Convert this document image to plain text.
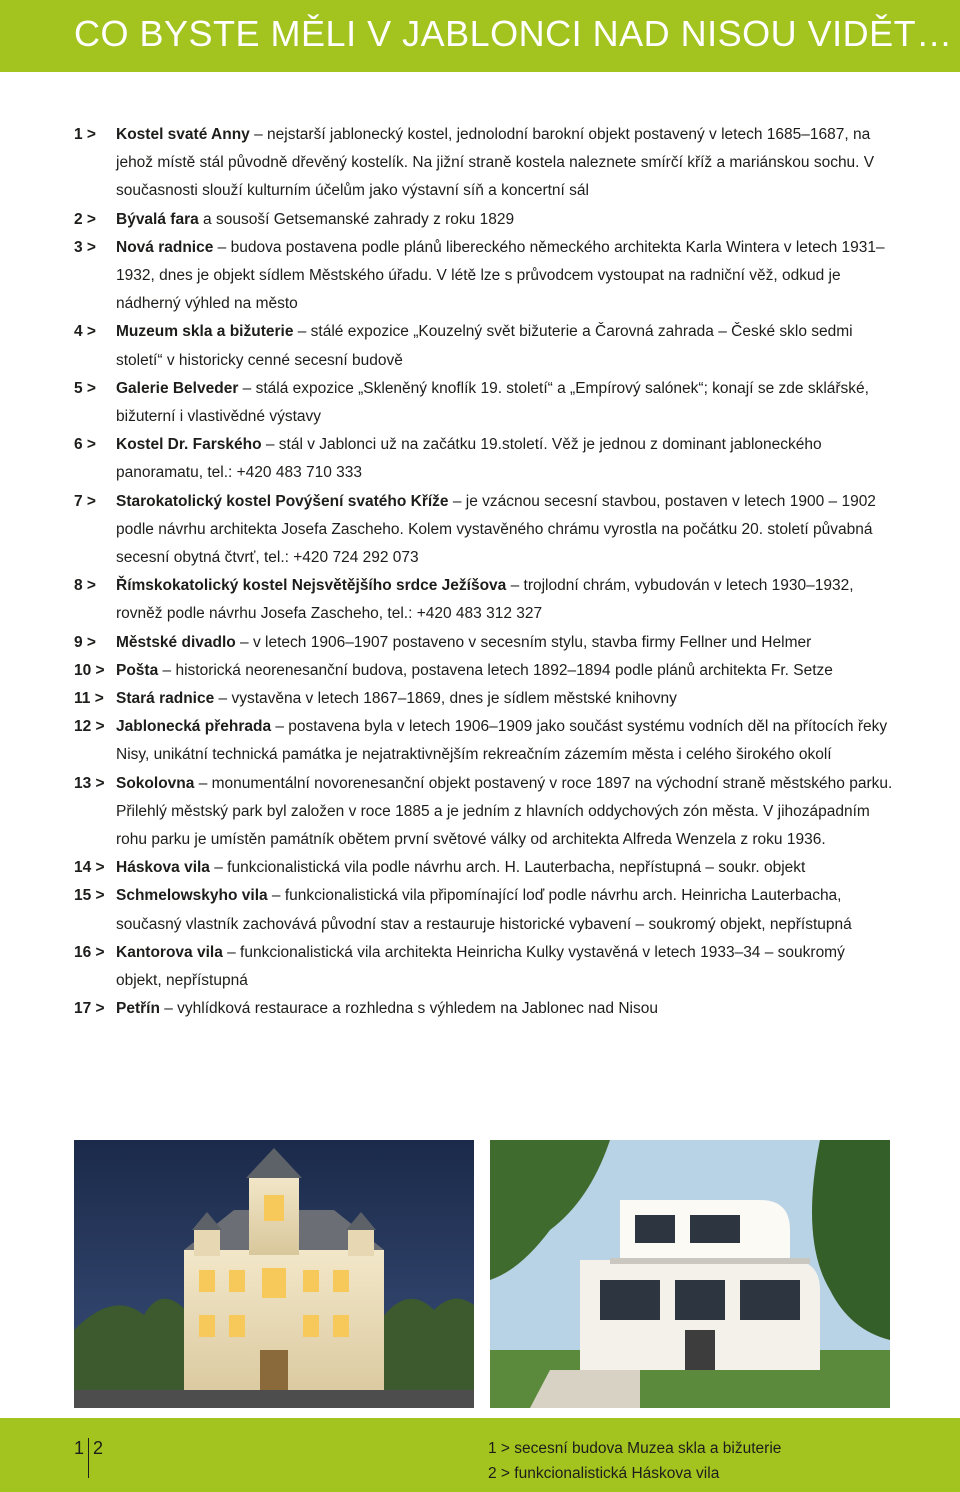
CO BYSTE MĚLI V JABLONCI NAD NISOU VIDĚT…
1 >	Kostel svaté Anny – nejstarší jablonecký kostel, jednolodní barokní objekt postavený v letech 1685–1687, na jehož místě stál původně dřevěný kostelík. Na jižní straně kostela naleznete smírčí kříž a mariánskou sochu. V současnosti slouží kulturním účelům jako výstavní síň a koncertní sál
2 >	Bývalá fara a sousoší Getsemanské zahrady z roku 1829
3 >	Nová radnice – budova postavena podle plánů libereckého německého architekta Karla Wintera v letech 1931–1932, dnes je objekt sídlem Městského úřadu. V létě lze s průvodcem vystoupat na radniční věž, odkud je nádherný výhled na město
4 >	Muzeum skla a bižuterie – stálé expozice „Kouzelný svět bižuterie a Čarovná zahrada – České sklo sedmi století“ v historicky cenné secesní budově
5 >	Galerie Belveder – stálá expozice „Skleněný knoflík 19. století“ a „Empírový salónek“; konají se zde sklářské, bižuterní i vlastivědné výstavy
6 >	Kostel Dr. Farského – stál v Jablonci už na začátku 19.století. Věž je jednou z dominant jabloneckého panoramatu, tel.: +420 483 710 333
7 >	Starokatolický kostel Povýšení svatého Kříže – je vzácnou secesní stavbou, postaven v letech 1900 – 1902 podle návrhu architekta Josefa Zascheho. Kolem vystavěného chrámu vyrostla na počátku 20. století půvabná secesní obytná čtvrť, tel.: +420 724 292 073
8 >	Římskokatolický kostel Nejsvětějšího srdce Ježíšova – trojlodní chrám, vybudován v letech 1930–1932, rovněž podle návrhu Josefa Zascheho, tel.: +420 483 312 327
9 >	Městské divadlo – v letech 1906–1907 postaveno v secesním stylu, stavba firmy Fellner und Helmer
10 > Pošta – historická neorenesanční budova, postavena letech 1892–1894 podle plánů architekta Fr. Setze
11 > Stará radnice – vystavěna v letech 1867–1869, dnes je sídlem městské knihovny
12 > Jablonecká přehrada – postavena byla v letech 1906–1909 jako součást systému vodních děl na přítocích řeky Nisy, unikátní technická památka je nejatraktivnějším rekreačním zázemím města i celého širokého okolí
13 > Sokolovna – monumentální novorenesanční objekt postavený v roce 1897 na východní straně městského parku. Přilehlý městský park byl založen v roce 1885 a je jedním z hlavních oddychových zón města. V jihozápadním rohu parku je umístěn památník obětem první světové války od architekta Alfreda Wenzela z roku 1936.
14 > Háskova vila – funkcionalistická vila podle návrhu arch. H. Lauterbacha, nepřístupná – soukr. objekt
15 > Schmelowskyho vila – funkcionalistická vila připomínající loď podle návrhu arch. Heinricha Lauterbacha, současný vlastník zachovává původní stav a restauruje historické vybavení – soukromý objekt, nepřístupná
16 > Kantorova vila – funkcionalistická vila architekta Heinricha Kulky vystavěná v letech 1933–34 – soukromý objekt, nepřístupná
17 > Petřín – vyhlídková restaurace a rozhledna s výhledem na Jablonec nad Nisou
1 2	1 > secesní budova Muzea skla a bižuterie
2 > funkcionalistická Háskova vila
